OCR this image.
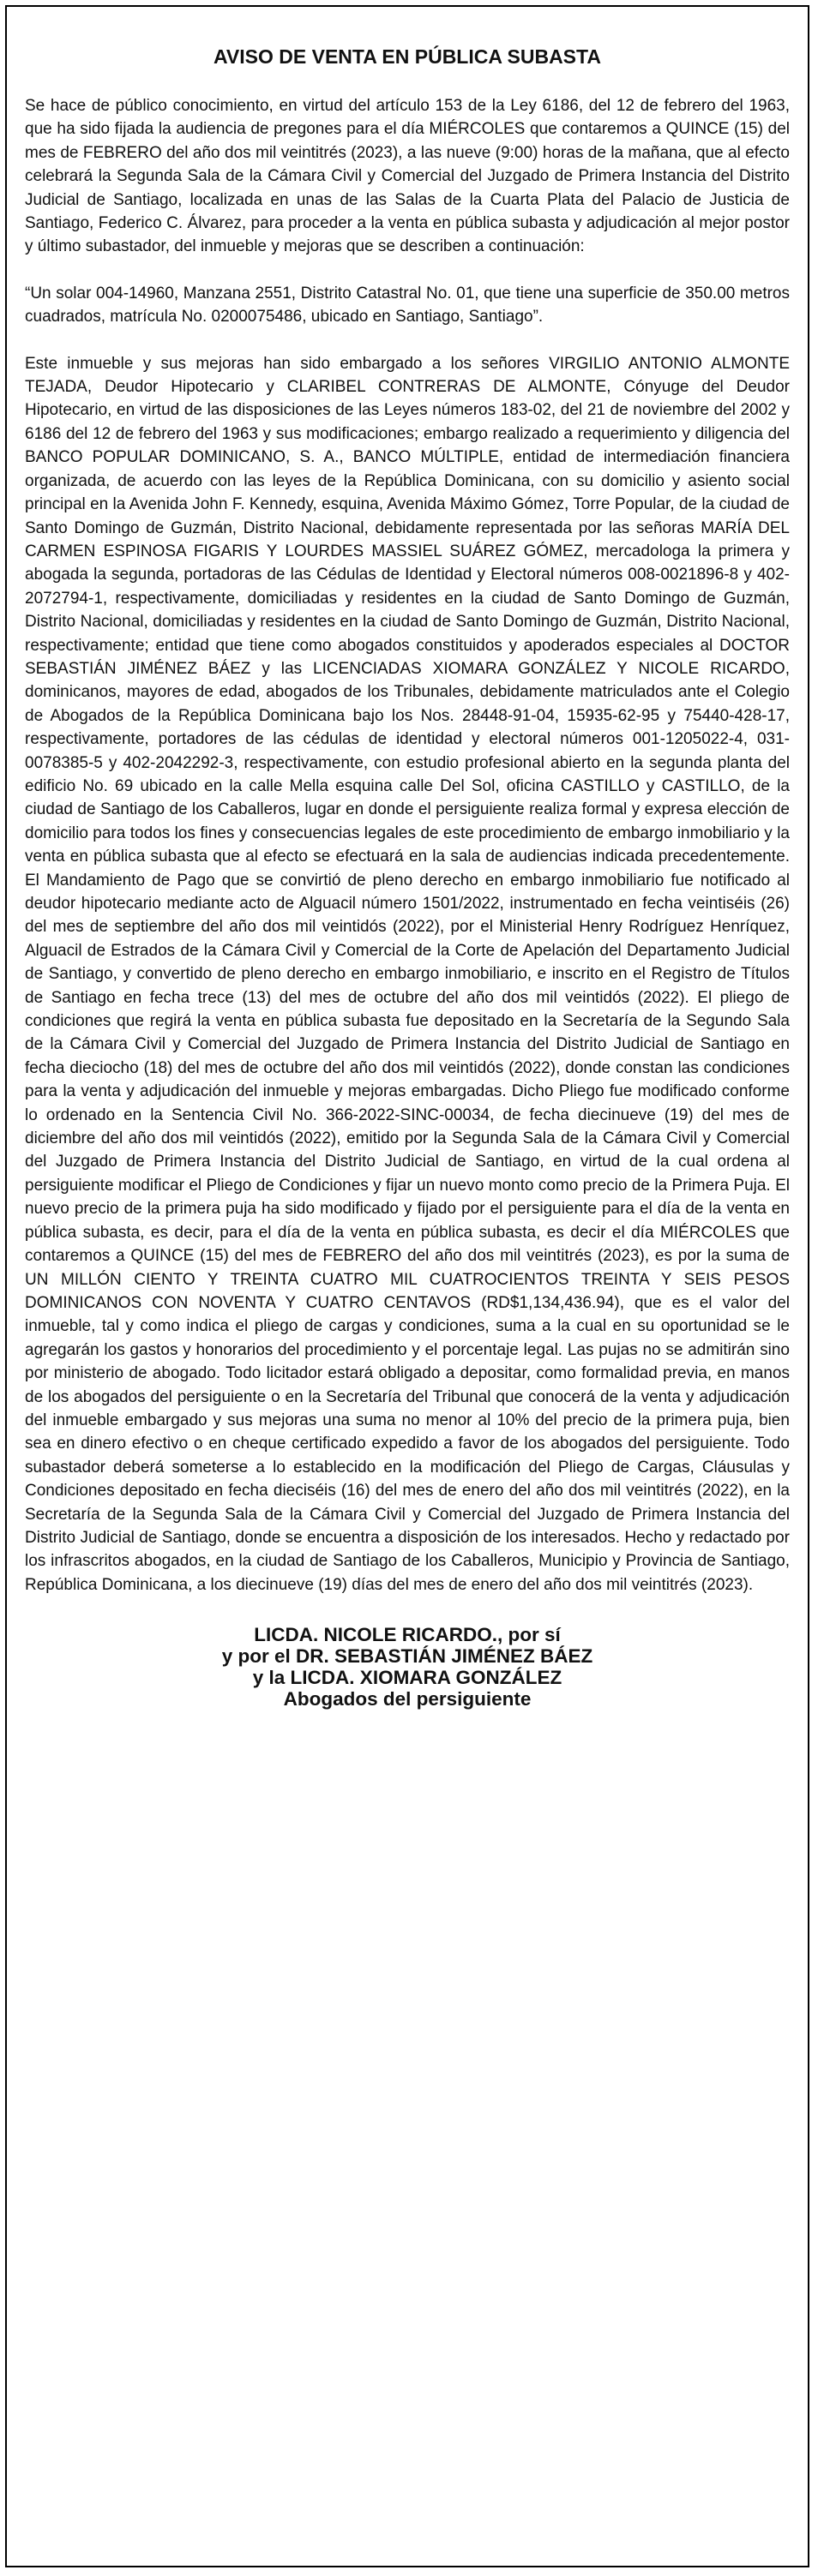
AVISO DE VENTA EN PÚBLICA SUBASTA

Se hace de público conocimiento, en virtud del artículo 153 de la Ley 6186, del 12 de febrero del 1963, que ha sido fijada la audiencia de pregones para el día MIÉRCOLES que contaremos a QUINCE (15) del mes de FEBRERO del año dos mil veintitrés (2023), a las nueve (9:00) horas de la mañana, que al efecto celebrará la Segunda Sala de la Cámara Civil y Comercial del Juzgado de Primera Instancia del Distrito Judicial de Santiago, localizada en unas de las Salas de la Cuarta Plata del Palacio de Justicia de Santiago, Federico C. Álvarez, para proceder a la venta en pública subasta y adjudicación al mejor postor y último subastador, del inmueble y mejoras que se describen a continuación:

“Un solar 004-14960, Manzana 2551, Distrito Catastral No. 01, que tiene una superficie de 350.00 metros cuadrados, matrícula No. 0200075486, ubicado en Santiago, Santiago”.

Este inmueble y sus mejoras han sido embargado a los señores VIRGILIO ANTONIO ALMONTE TEJADA, Deudor Hipotecario y CLARIBEL CONTRERAS DE ALMONTE, Cónyuge del Deudor Hipotecario, en virtud de las disposiciones de las Leyes números 183-02, del 21 de noviembre del 2002 y 6186 del 12 de febrero del 1963 y sus modificaciones; embargo realizado a requerimiento y diligencia del BANCO POPULAR DOMINICANO, S. A., BANCO MÚLTIPLE, entidad de intermediación financiera organizada, de acuerdo con las leyes de la República Dominicana, con su domicilio y asiento social principal en la Avenida John F. Kennedy, esquina, Avenida Máximo Gómez, Torre Popular, de la ciudad de Santo Domingo de Guzmán, Distrito Nacional, debidamente representada por las señoras MARÍA DEL CARMEN ESPINOSA FIGARIS Y LOURDES MASSIEL SUÁREZ GÓMEZ, mercadologa la primera y abogada la segunda, portadoras de las Cédulas de Identidad y Electoral números 008-0021896-8 y 402-2072794-1, respectivamente, domiciliadas y residentes en la ciudad de Santo Domingo de Guzmán, Distrito Nacional, domiciliadas y residentes en la ciudad de Santo Domingo de Guzmán, Distrito Nacional, respectivamente; entidad que tiene como abogados constituidos y apoderados especiales al DOCTOR SEBASTIÁN JIMÉNEZ BÁEZ y las LICENCIADAS XIOMARA GONZÁLEZ Y NICOLE RICARDO, dominicanos, mayores de edad, abogados de los Tribunales, debidamente matriculados ante el Colegio de Abogados de la República Dominicana bajo los Nos. 28448-91-04, 15935-62-95 y 75440-428-17, respectivamente, portadores de las cédulas de identidad y electoral números 001-1205022-4, 031-0078385-5 y 402-2042292-3, respectivamente, con estudio profesional abierto en la segunda planta del edificio No. 69 ubicado en la calle Mella esquina calle Del Sol, oficina CASTILLO y CASTILLO, de la ciudad de Santiago de los Caballeros, lugar en donde el persiguiente realiza formal y expresa elección de domicilio para todos los fines y consecuencias legales de este procedimiento de embargo inmobiliario y la venta en pública subasta que al efecto se efectuará en la sala de audiencias indicada precedentemente. El Mandamiento de Pago que se convirtió de pleno derecho en embargo inmobiliario fue notificado al deudor hipotecario mediante acto de Alguacil número 1501/2022, instrumentado en fecha veintiséis (26) del mes de septiembre del año dos mil veintidós (2022), por el Ministerial Henry Rodríguez Henríquez, Alguacil de Estrados de la Cámara Civil y Comercial de la Corte de Apelación del Departamento Judicial de Santiago, y convertido de pleno derecho en embargo inmobiliario, e inscrito en el Registro de Títulos de Santiago en fecha trece (13) del mes de octubre del año dos mil veintidós (2022). El pliego de condiciones que regirá la venta en pública subasta fue depositado en la Secretaría de la Segundo Sala de la Cámara Civil y Comercial del Juzgado de Primera Instancia del Distrito Judicial de Santiago en fecha dieciocho (18) del mes de octubre del año dos mil veintidós (2022), donde constan las condiciones para la venta y adjudicación del inmueble y mejoras embargadas. Dicho Pliego fue modificado conforme lo ordenado en la Sentencia Civil No. 366-2022-SINC-00034, de fecha diecinueve (19) del mes de diciembre del año dos mil veintidós (2022), emitido por la Segunda Sala de la Cámara Civil y Comercial del Juzgado de Primera Instancia del Distrito Judicial de Santiago, en virtud de la cual ordena al persiguiente modificar el Pliego de Condiciones y fijar un nuevo monto como precio de la Primera Puja. El nuevo precio de la primera puja ha sido modificado y fijado por el persiguiente para el día de la venta en pública subasta, es decir, para el día de la venta en pública subasta, es decir el día MIÉRCOLES que contaremos a QUINCE (15) del mes de FEBRERO del año dos mil veintitrés (2023), es por la suma de UN MILLÓN CIENTO Y TREINTA CUATRO MIL CUATROCIENTOS TREINTA Y SEIS PESOS DOMINICANOS CON NOVENTA Y CUATRO CENTAVOS (RD$1,134,436.94), que es el valor del inmueble, tal y como indica el pliego de cargas y condiciones, suma a la cual en su oportunidad se le agregarán los gastos y honorarios del procedimiento y el porcentaje legal. Las pujas no se admitirán sino por ministerio de abogado. Todo licitador estará obligado a depositar, como formalidad previa, en manos de los abogados del persiguiente o en la Secretaría del Tribunal que conocerá de la venta y adjudicación del inmueble embargado y sus mejoras una suma no menor al 10% del precio de la primera puja, bien sea en dinero efectivo o en cheque certificado expedido a favor de los abogados del persiguiente. Todo subastador deberá someterse a lo establecido en la modificación del Pliego de Cargas, Cláusulas y Condiciones depositado en fecha dieciséis (16) del mes de enero del año dos mil veintitrés (2022), en la Secretaría de la Segunda Sala de la Cámara Civil y Comercial del Juzgado de Primera Instancia del Distrito Judicial de Santiago, donde se encuentra a disposición de los interesados. Hecho y redactado por los infrascritos abogados, en la ciudad de Santiago de los Caballeros, Municipio y Provincia de Santiago, República Dominicana, a los diecinueve (19) días del mes de enero del año dos mil veintitrés (2023).

LICDA. NICOLE RICARDO., por sí
y por el DR. SEBASTIÁN JIMÉNEZ BÁEZ
y la LICDA. XIOMARA GONZÁLEZ
Abogados del persiguiente
